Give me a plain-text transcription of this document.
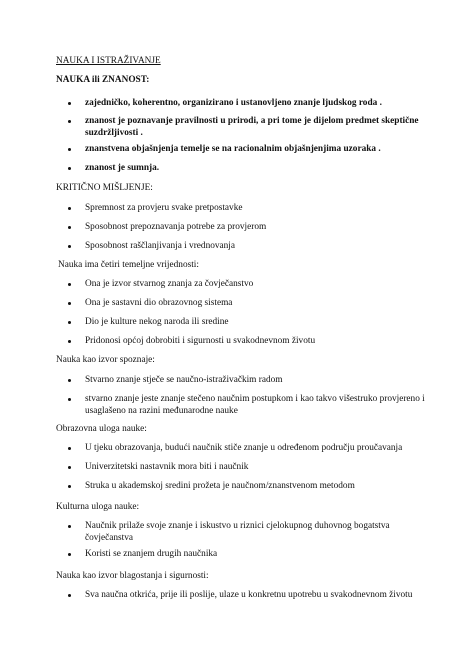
NAUKA I ISTRAŽIVANJE
NAUKA ili ZNANOST:
KRITIČNO MIŠLJENJE:
Nauka ima četiri temeljne vrijednosti:
Nauka kao izvor spoznaje:
Obrazovna uloga nauke:
Kulturna uloga nauke:
Nauka kao izvor blagostanja i sigurnosti:
zajedničko, koherentno, organizirano i ustanovljeno znanje ljudskog roda .
znanost je poznavanje pravilnosti u prirodi, a pri tome je dijelom predmet skeptične
suzdržljivosti .
znanstvena objašnjenja temelje se na racionalnim objašnjenjima uzoraka .
znanost je sumnja.
Spremnost za provjeru svake pretpostavke
Sposobnost prepoznavanja potrebe za provjerom
Sposobnost raščlanjivanja i vrednovanja
Ona je izvor stvarnog znanja za čovječanstvo
Ona je sastavni dio obrazovnog sistema
Dio je kulture nekog naroda ili sredine
Pridonosi općoj dobrobiti i sigurnosti u svakodnevnom životu
Stvarno znanje stječe se naučno-istraživačkim radom
stvarno znanje jeste znanje stečeno naučnim postupkom i kao takvo višestruko provjereno i
usaglašeno na razini međunarodne nauke
U tjeku obrazovanja, budući naučnik stiče znanje u određenom području proučavanja
Univerzitetski nastavnik mora biti i naučnik
Struka u akademskoj sredini prožeta je naučnom/znanstvenom metodom
Naučnik prilaže svoje znanje i iskustvo u riznici cjelokupnog duhovnog bogatstva
čovječanstva
Koristi se znanjem drugih naučnika
Sva naučna otkrića, prije ili poslije, ulaze u konkretnu upotrebu u svakodnevnom životu
